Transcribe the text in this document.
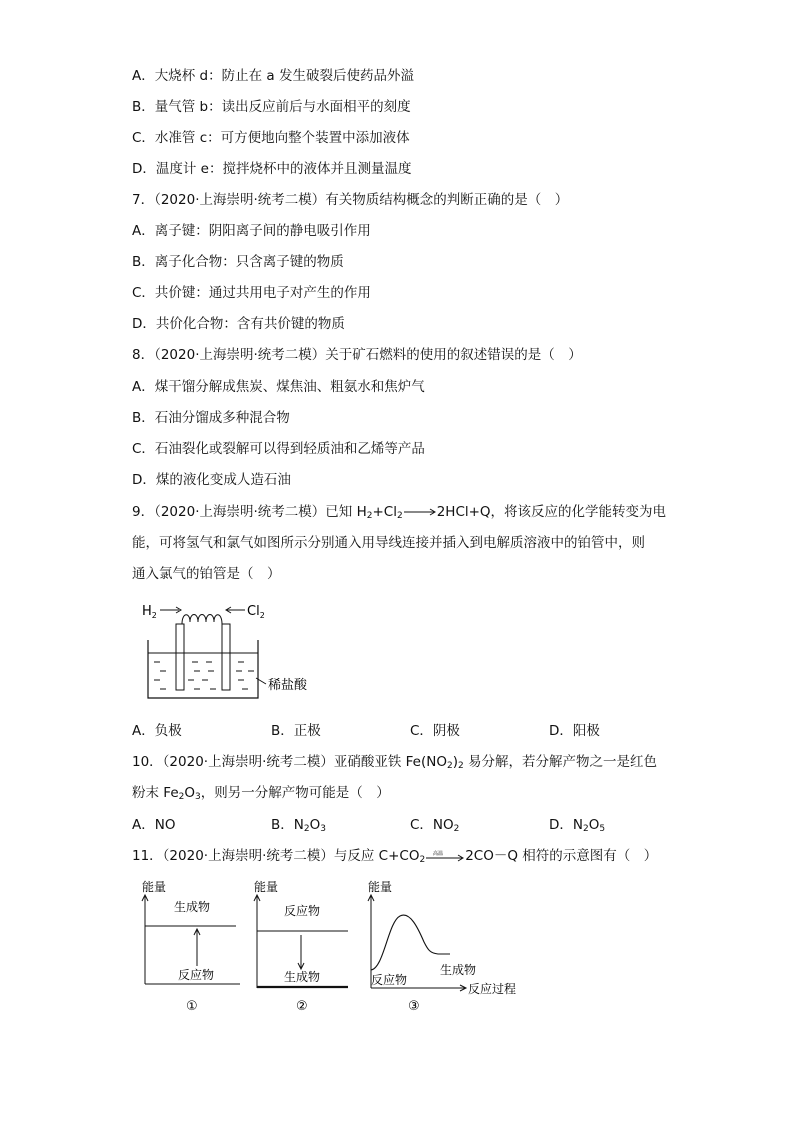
A．大烧杯 d：防止在 a 发生破裂后使药品外溢
B．量气管 b：读出反应前后与水面相平的刻度
C．水准管 c：可方便地向整个装置中添加液体
D．温度计 e：搅拌烧杯中的液体并且测量温度
7．（2020·上海崇明·统考二模）有关物质结构概念的判断正确的是（　）
A．离子键：阴阳离子间的静电吸引作用
B．离子化合物：只含离子键的物质
C．共价键：通过共用电子对产生的作用
D．共价化合物：含有共价键的物质
8．（2020·上海崇明·统考二模）关于矿石燃料的使用的叙述错误的是（　）
A．煤干馏分解成焦炭、煤焦油、粗氨水和焦炉气
B．石油分馏成多种混合物
C．石油裂化或裂解可以得到轻质油和乙烯等产品
D．煤的液化变成人造石油
9．（2020·上海崇明·统考二模）已知 $H_2+Cl_2\to 2HCl+Q$，将该反应的化学能转变为电
能，可将氢气和氯气如图所示分别通入用导线连接并插入到电解质溶液中的铂管中，则
通入氯气的铂管是（　）
$H_2$	$Cl_2$
稀盐酸
A．负极	B．正极	C．阴极	D．阳极
10．（2020·上海崇明·统考二模）亚硝酸亚铁 $Fe(NO_2)_2$ 易分解，若分解产物之一是红色
粉末 $Fe_2O_3$，则另一分解产物可能是（　）
A．NO	B．$N_2O_3$	C．$NO_2$	D．$N_2O_5$
11．（2020·上海崇明·统考二模）与反应 $C+CO_2$
高温 2CO－Q 相符的示意图有（　）
能量
生成物
反应物
①
能量
反应物
生成物
②
能量
反应物
生成物
反应过程
③
